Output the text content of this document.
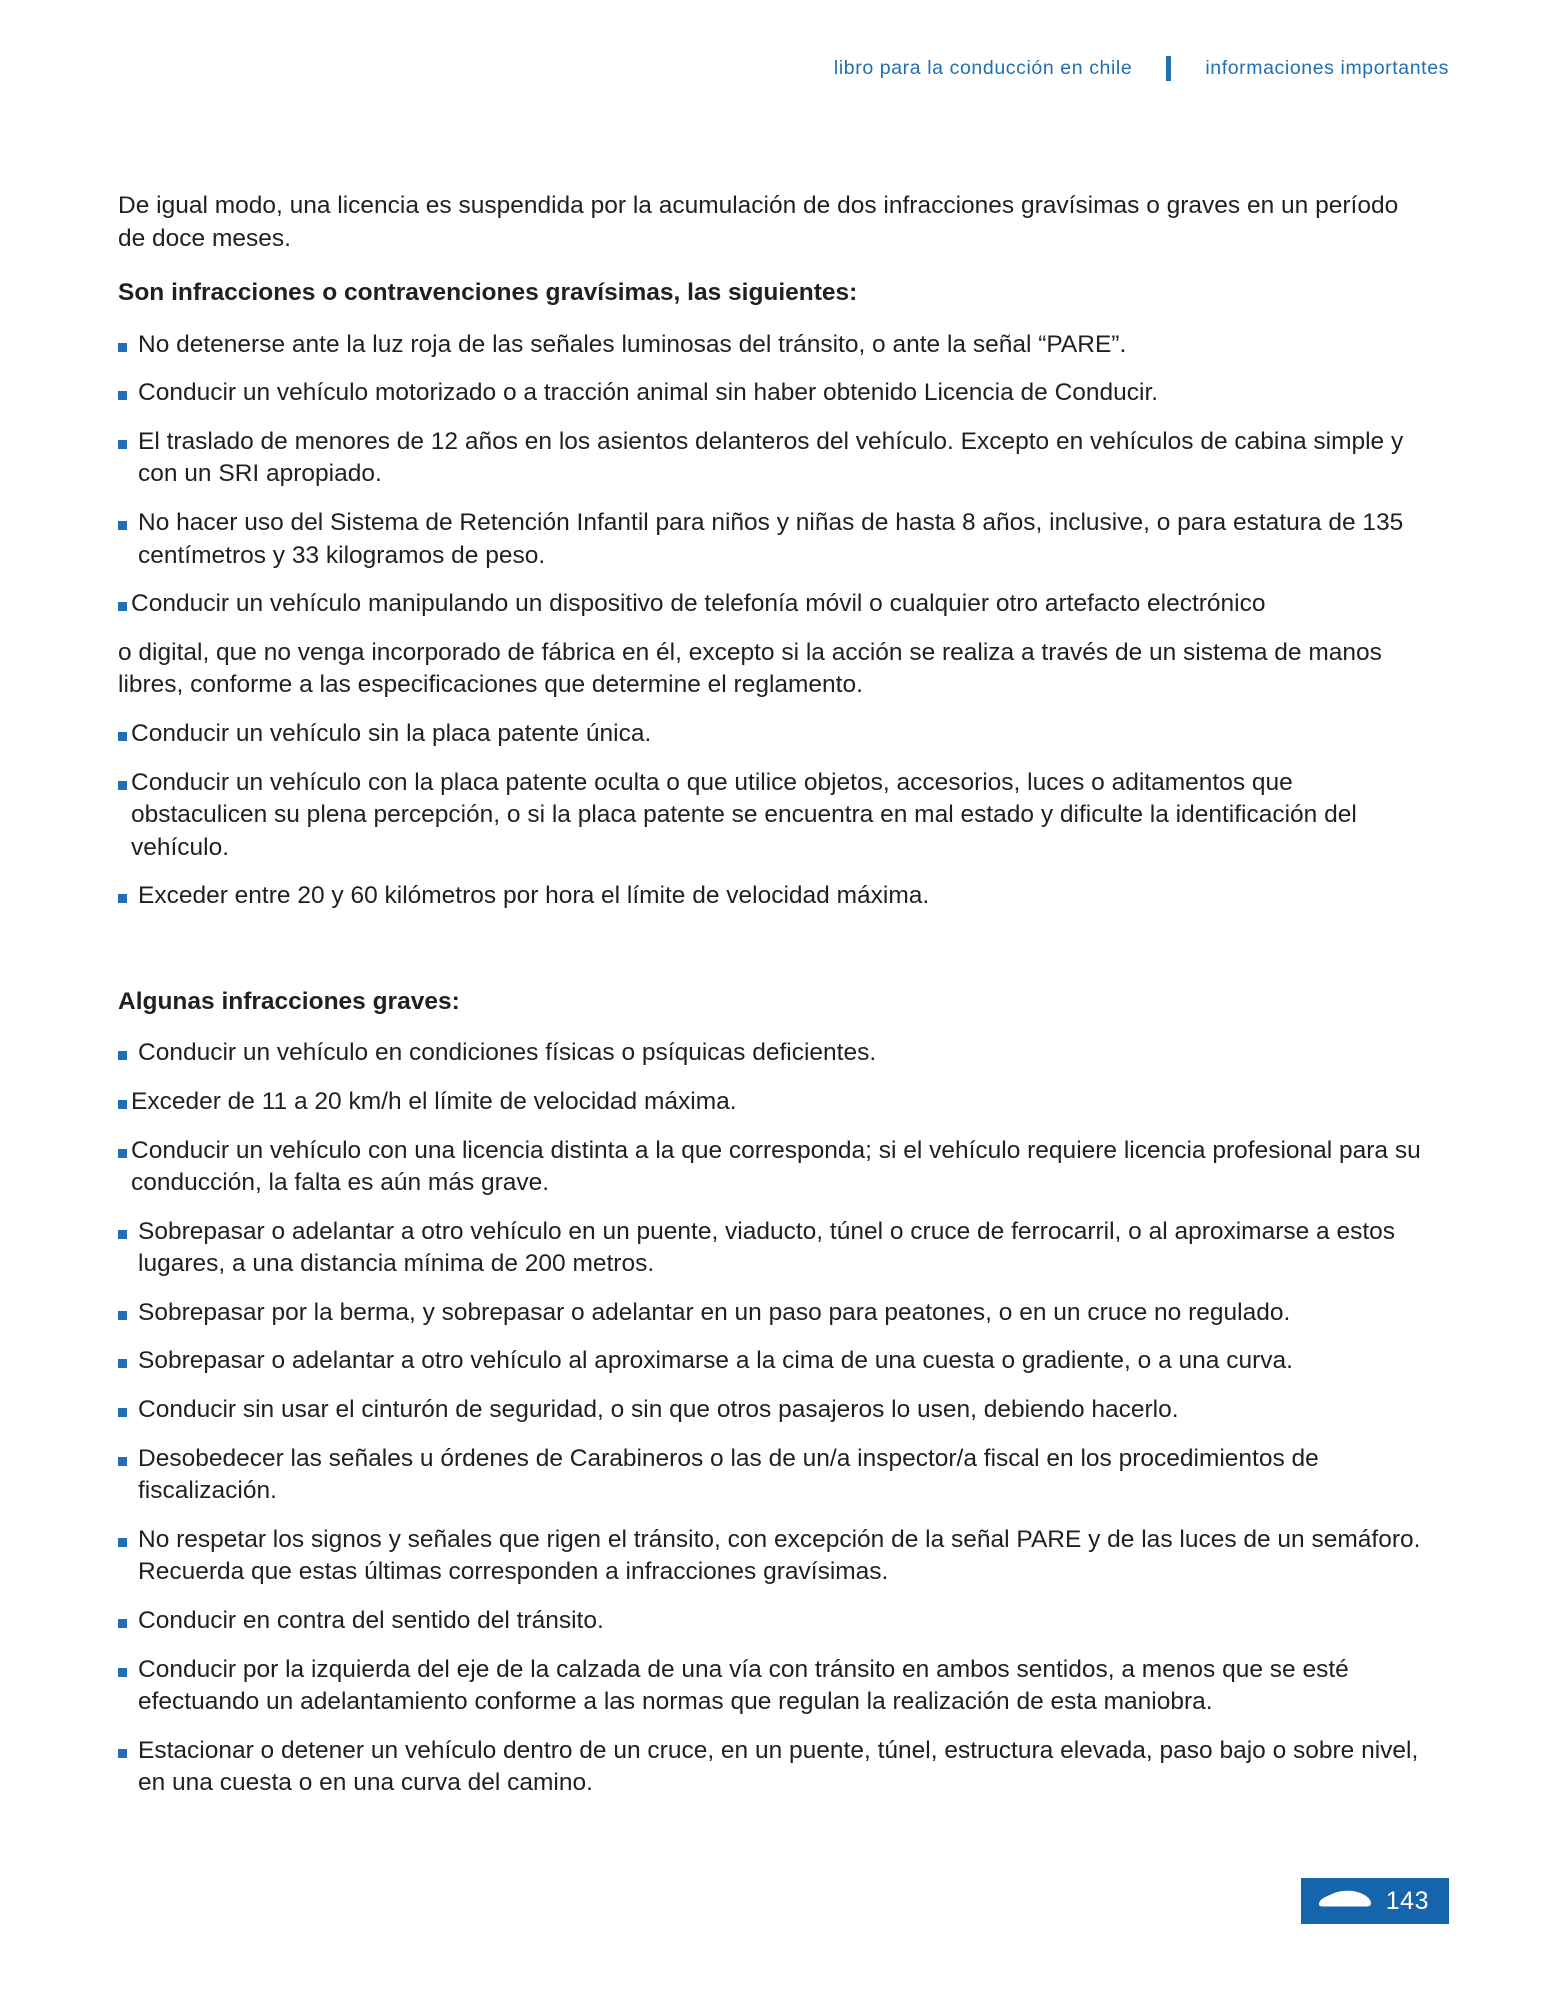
libro para la conducción en chile	informaciones importantes

De igual modo, una licencia es suspendida por la acumulación de dos infracciones gravísimas o graves en un período de doce meses.

Son infracciones o contravenciones gravísimas, las siguientes:
No detenerse ante la luz roja de las señales luminosas del tránsito, o ante la señal “PARE”.
Conducir un vehículo motorizado o a tracción animal sin haber obtenido Licencia de Conducir.
El traslado de menores de 12 años en los asientos delanteros del vehículo. Excepto en vehículos de cabina simple y con un SRI apropiado.
No hacer uso del Sistema de Retención Infantil para niños y niñas de hasta 8 años, inclusive, o para estatura de 135 centímetros y 33 kilogramos de peso.
Conducir un vehículo manipulando un dispositivo de telefonía móvil o cualquier otro artefacto electrónico
o digital, que no venga incorporado de fábrica en él, excepto si la acción se realiza a través de un sistema de manos libres, conforme a las especificaciones que determine el reglamento.
Conducir un vehículo sin la placa patente única.
Conducir un vehículo con la placa patente oculta o que utilice objetos, accesorios, luces o aditamentos que obstaculicen su plena percepción, o si la placa patente se encuentra en mal estado y dificulte la identificación del vehículo.
Exceder entre 20 y 60 kilómetros por hora el límite de velocidad máxima.
Algunas infracciones graves:
Conducir un vehículo en condiciones físicas o psíquicas deficientes.
Exceder de 11 a 20 km/h el límite de velocidad máxima.
Conducir un vehículo con una licencia distinta a la que corresponda; si el vehículo requiere licencia profesional para su conducción, la falta es aún más grave.
Sobrepasar o adelantar a otro vehículo en un puente, viaducto, túnel o cruce de ferrocarril, o al aproximarse a estos lugares, a una distancia mínima de 200 metros.
Sobrepasar por la berma, y sobrepasar o adelantar en un paso para peatones, o en un cruce no regulado.
Sobrepasar o adelantar a otro vehículo al aproximarse a la cima de una cuesta o gradiente, o a una curva.
Conducir sin usar el cinturón de seguridad, o sin que otros pasajeros lo usen, debiendo hacerlo.
Desobedecer las señales u órdenes de Carabineros o las de un/a inspector/a fiscal en los procedimientos de fiscalización.
No respetar los signos y señales que rigen el tránsito, con excepción de la señal PARE y de las luces de un semáforo. Recuerda que estas últimas corresponden a infracciones gravísimas.
Conducir en contra del sentido del tránsito.
Conducir por la izquierda del eje de la calzada de una vía con tránsito en ambos sentidos, a menos que se esté efectuando un adelantamiento conforme a las normas que regulan la realización de esta maniobra.
Estacionar o detener un vehículo dentro de un cruce, en un puente, túnel, estructura elevada, paso bajo o sobre nivel, en una cuesta o en una curva del camino.
143
